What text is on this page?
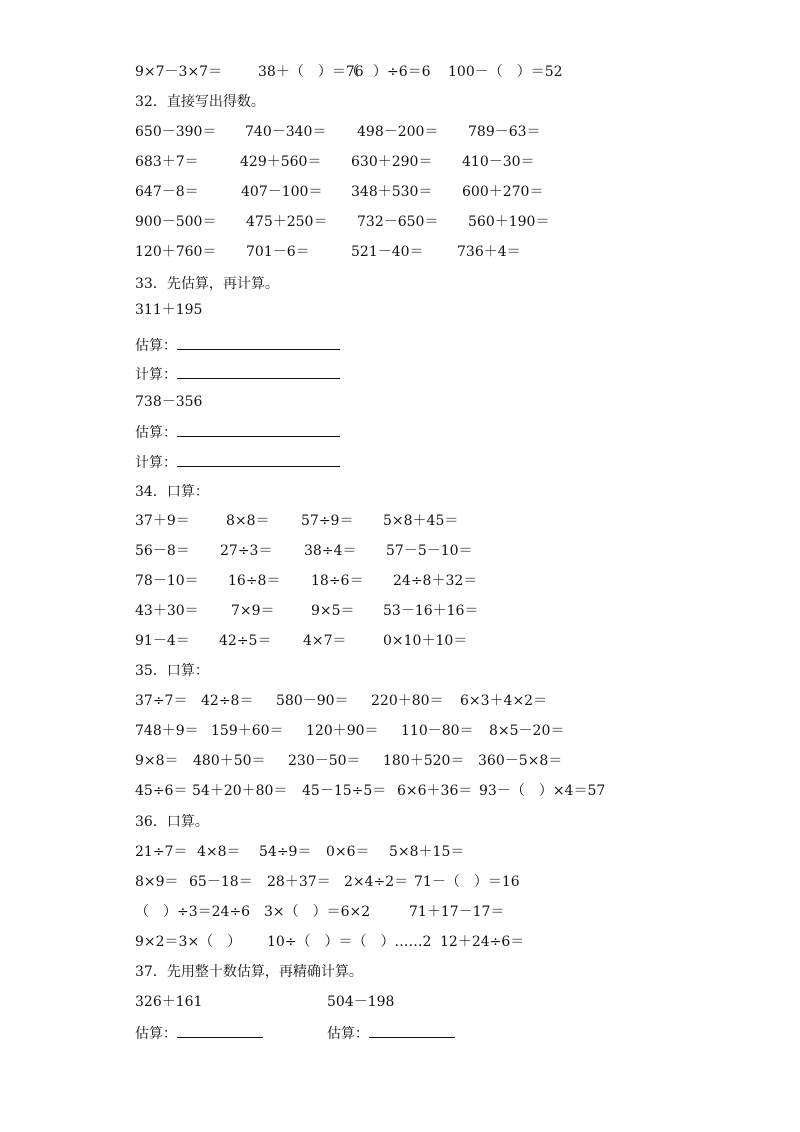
9×7－3×7＝	38＋（　）＝76
（　）÷6＝6 100－（　）＝52
32．直接写出得数。
650－390＝ 740－340＝ 498－200＝ 789－63＝
683＋7＝	429＋560＝ 630＋290＝ 410－30＝
647－8＝	407－100＝ 348＋530＝ 600＋270＝
900－500＝ 475＋250＝ 732－650＝ 560＋190＝
120＋760＝ 701－6＝	521－40＝ 736＋4＝
33．先估算，再计算。
311＋195
估算：
计算：
738－356
估算：
计算：
34．口算：
37＋9＝	8×8＝ 57÷9＝ 5×8＋45＝
56－8＝ 27÷3＝ 38÷4＝ 57－5－10＝
78－10＝ 16÷8＝ 18÷6＝ 24÷8＋32＝
43＋30＝ 7×9＝	9×5＝ 53－16＋16＝
91－4＝ 42÷5＝ 4×7＝	0×10＋10＝
35．口算：
37÷7＝ 42÷8＝ 580－90＝ 220＋80＝ 6×3＋4×2＝
748＋9＝ 159＋60＝ 120＋90＝ 110－80＝ 8×5－20＝
9×8＝ 480＋50＝ 230－50＝ 180＋520＝ 360－5×8＝
45÷6＝ 54＋20＋80＝ 45－15÷5＝ 6×6＋36＝ 93－（　）×4＝57
36．口算。
21÷7＝ 4×8＝ 54÷9＝ 0×6＝ 5×8＋15＝
8×9＝ 65－18＝ 28＋37＝ 2×4÷2＝ 71－（　）＝16
（　）÷3＝24÷6 3×（　）＝6×2	71＋17－17＝
9×2＝3×（　） 10÷（　）＝（　）……2 12＋24÷6＝
37．先用整十数估算，再精确计算。
326＋161	504－198
估算：	估算：
